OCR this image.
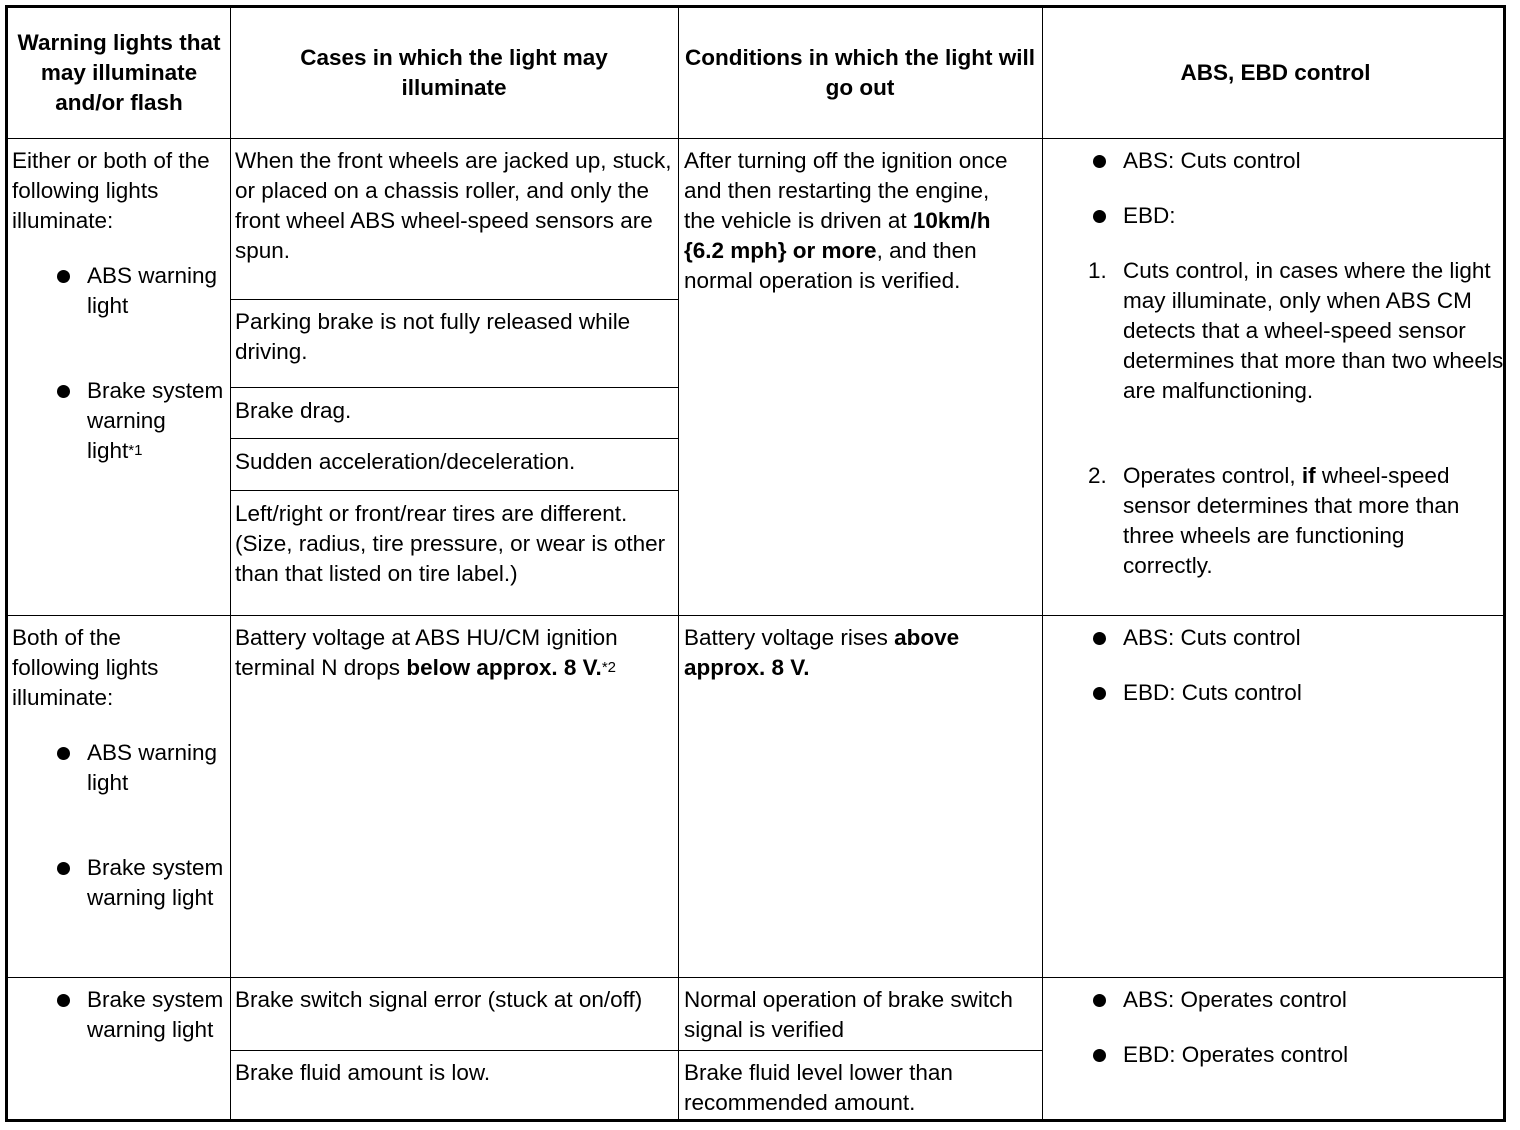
Warning lights that may illuminate and/or flash
Cases in which the light may illuminate
Conditions in which the light will go out
ABS, EBD control
Either or both of the following lights illuminate:
ABS warning light
Brake system warning light$^{*1}$
When the front wheels are jacked up, stuck, or placed on a chassis roller, and only the front wheel ABS wheel-speed sensors are spun.
Parking brake is not fully released while driving.
Brake drag.
Sudden acceleration/deceleration.
Left/right or front/rear tires are different. (Size, radius, tire pressure, or wear is other than that listed on tire label.)
After turning off the ignition once and then restarting the engine, the vehicle is driven at 10km/h {6.2 mph} or more, and then normal operation is verified.
ABS: Cuts control
EBD:
1. Cuts control, in cases where the light may illuminate, only when ABS CM detects that a wheel-speed sensor determines that more than two wheels are malfunctioning.
2. Operates control, if wheel-speed sensor determines that more than three wheels are functioning correctly.
Both of the following lights illuminate:
ABS warning light
Brake system warning light
Battery voltage at ABS HU/CM ignition terminal N drops below approx. 8 V.$^{*2}$
Battery voltage rises above approx. 8 V.
ABS: Cuts control
EBD: Cuts control
Brake system warning light
Brake switch signal error (stuck at on/off)
Brake fluid amount is low.
Normal operation of brake switch signal is verified
Brake fluid level lower than recommended amount.
ABS: Operates control
EBD: Operates control
